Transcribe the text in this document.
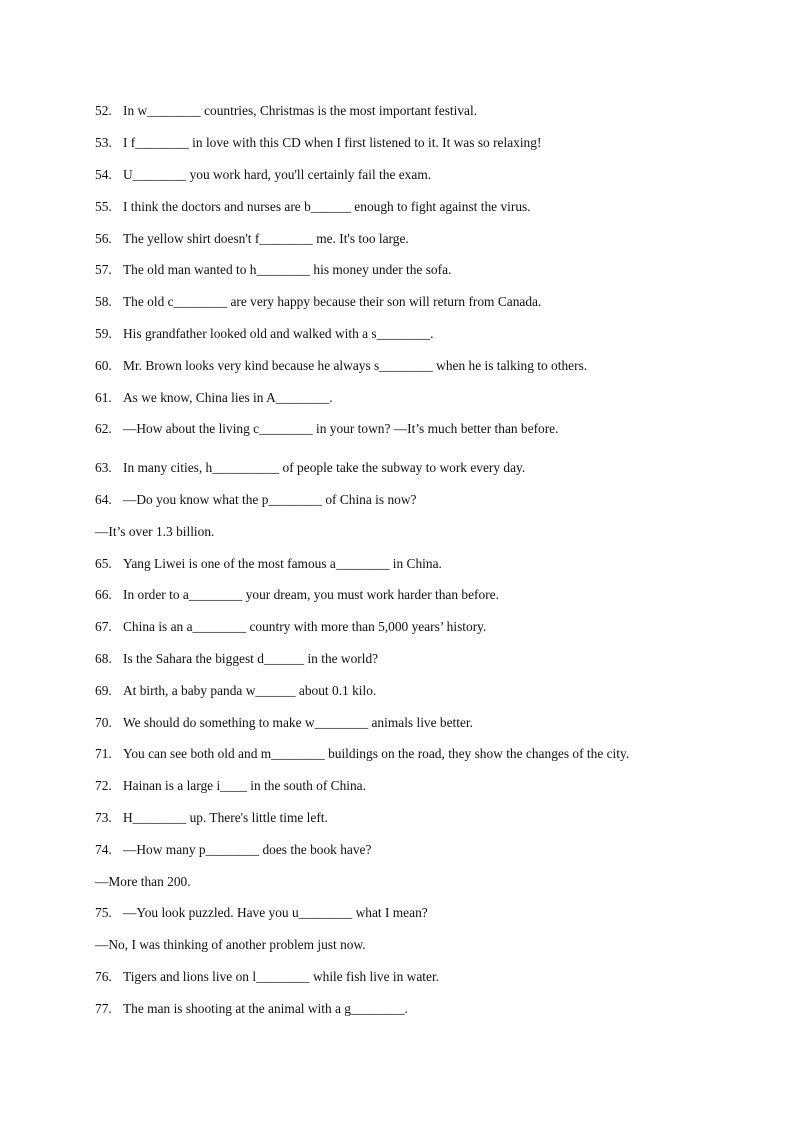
52. In w________ countries, Christmas is the most important festival.
53. I f________ in love with this CD when I first listened to it. It was so relaxing!
54. U________ you work hard, you'll certainly fail the exam.
55. I think the doctors and nurses are b______ enough to fight against the virus.
56. The yellow shirt doesn't f________ me. It's too large.
57. The old man wanted to h________ his money under the sofa.
58. The old c________ are very happy because their son will return from Canada.
59. His grandfather looked old and walked with a s________.
60. Mr. Brown looks very kind because he always s________ when he is talking to others.
61. As we know, China lies in A________.
62. —How about the living c________ in your town? —It’s much better than before.
63. In many cities, h__________ of people take the subway to work every day.
64. —Do you know what the p________ of China is now?
—It’s over 1.3 billion.
65. Yang Liwei is one of the most famous a________ in China.
66. In order to a________ your dream, you must work harder than before.
67. China is an a________ country with more than 5,000 years’ history.
68. Is the Sahara the biggest d______ in the world?
69. At birth, a baby panda w______ about 0.1 kilo.
70. We should do something to make w________ animals live better.
71. You can see both old and m________ buildings on the road, they show the changes of the city.
72. Hainan is a large i____ in the south of China.
73. H________ up. There's little time left.
74. —How many p________ does the book have?
—More than 200.
75. —You look puzzled. Have you u________ what I mean?
—No, I was thinking of another problem just now.
76. Tigers and lions live on l________ while fish live in water.
77. The man is shooting at the animal with a g________.
